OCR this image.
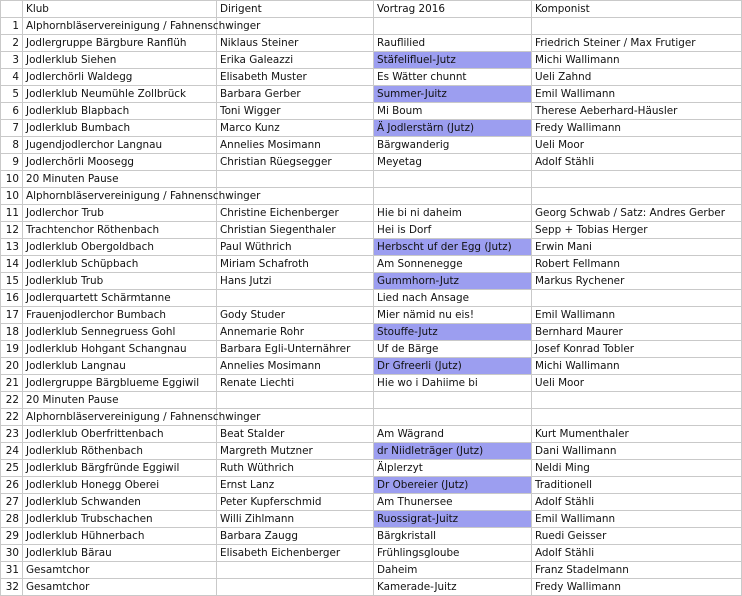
	Klub	Dirigent	Vortrag 2016	Komponist
1	Alphornbläservereinigung / Fahnenschwinger			
2	Jodlergruppe Bärgbure Ranflüh	Niklaus Steiner	Rauflilied	Friedrich Steiner / Max Frutiger
3	Jodlerklub Siehen	Erika Galeazzi	Stäfelifluel-Jutz	Michi Wallimann
4	Jodlerchörli Waldegg	Elisabeth Muster	Es Wätter chunnt	Ueli Zahnd
5	Jodlerklub Neumühle Zollbrück	Barbara Gerber	Summer-Juitz	Emil Wallimann
6	Jodlerklub Blapbach	Toni Wigger	Mi Boum	Therese Aeberhard-Häusler
7	Jodlerklub Bumbach	Marco Kunz	Ä Jodlerstärn (Jutz)	Fredy Wallimann
8	Jugendjodlerchor Langnau	Annelies Mosimann	Bärgwanderig	Ueli Moor
9	Jodlerchörli Moosegg	Christian Rüegsegger	Meyetag	Adolf Stähli
10	20 Minuten Pause			
10	Alphornbläservereinigung / Fahnenschwinger			
11	Jodlerchor Trub	Christine Eichenberger	Hie bi ni daheim	Georg Schwab / Satz: Andres Gerber
12	Trachtenchor Röthenbach	Christian Siegenthaler	Hei is Dorf	Sepp + Tobias Herger
13	Jodlerklub Obergoldbach	Paul Wüthrich	Herbscht uf der Egg (Jutz)	Erwin Mani
14	Jodlerklub Schüpbach	Miriam Schafroth	Am Sonnenegge	Robert Fellmann
15	Jodlerklub Trub	Hans Jutzi	Gummhorn-Jutz	Markus Rychener
16	Jodlerquartett Schärmtanne		Lied nach Ansage	
17	Frauenjodlerchor Bumbach	Gody Studer	Mier nämid nu eis!	Emil Wallimann
18	Jodlerklub Sennegruess Gohl	Annemarie Rohr	Stouffe-Jutz	Bernhard Maurer
19	Jodlerklub Hohgant Schangnau	Barbara Egli-Unternährer	Uf de Bärge	Josef Konrad Tobler
20	Jodlerklub Langnau	Annelies Mosimann	Dr Gfreerli (Jutz)	Michi Wallimann
21	Jodlergruppe Bärgblueme Eggiwil	Renate Liechti	Hie wo i Dahiime bi	Ueli Moor
22	20 Minuten Pause			
22	Alphornbläservereinigung / Fahnenschwinger			
23	Jodlerklub Oberfrittenbach	Beat Stalder	Am Wägrand	Kurt Mumenthaler
24	Jodlerklub Röthenbach	Margreth Mutzner	dr Niidleträger (Jutz)	Dani Wallimann
25	Jodlerklub Bärgfründe Eggiwil	Ruth Wüthrich	Älplerzyt	Neldi Ming
26	Jodlerklub Honegg Oberei	Ernst Lanz	Dr Obereier (Jutz)	Traditionell
27	Jodlerklub Schwanden	Peter Kupferschmid	Am Thunersee	Adolf Stähli
28	Jodlerklub Trubschachen	Willi Zihlmann	Ruossigrat-Juitz	Emil Wallimann
29	Jodlerklub Hühnerbach	Barbara Zaugg	Bärgkristall	Ruedi Geisser
30	Jodlerklub Bärau	Elisabeth Eichenberger	Frühlingsgloube	Adolf Stähli
31	Gesamtchor		Daheim	Franz Stadelmann
32	Gesamtchor		Kamerade-Juitz	Fredy Wallimann
